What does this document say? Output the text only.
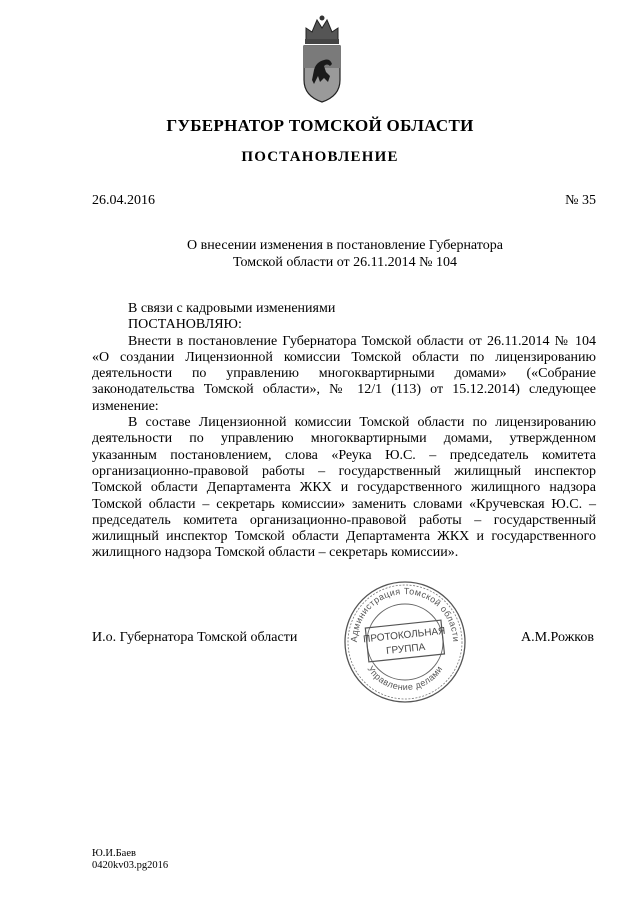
ГУБЕРНАТОР ТОМСКОЙ ОБЛАСТИ
ПОСТАНОВЛЕНИЕ
26.04.2016	№ 35
О внесении изменения в постановление Губернатора
Томской области от 26.11.2014 № 104

В связи с кадровыми изменениями

ПОСТАНОВЛЯЮ:

Внести в постановление Губернатора Томской области от 26.11.2014 № 104 «О создании Лицензионной комиссии Томской области по лицензированию деятельности по управлению многоквартирными домами» («Собрание законодательства Томской области», № 12/1 (113) от 15.12.2014) следующее изменение:

В составе Лицензионной комиссии Томской области по лицензированию деятельности по управлению многоквартирными домами, утвержденном указанным постановлением, слова «Реука Ю.С. – председатель комитета организационно-правовой работы – государственный жилищный инспектор Томской области Департамента ЖКХ и государственного жилищного надзора Томской области – секретарь комиссии» заменить словами «Кручевская Ю.С. – председатель комитета организационно-правовой работы – государственный жилищный инспектор Томской области Департамента ЖКХ и государственного жилищного надзора Томской области – секретарь комиссии».

И.о. Губернатора Томской области	А.М.Рожков
Администрация Томской области
Управление делами
ПРОТОКОЛЬНАЯ
ГРУППА
Ю.И.Баев
0420kv03.pg2016
